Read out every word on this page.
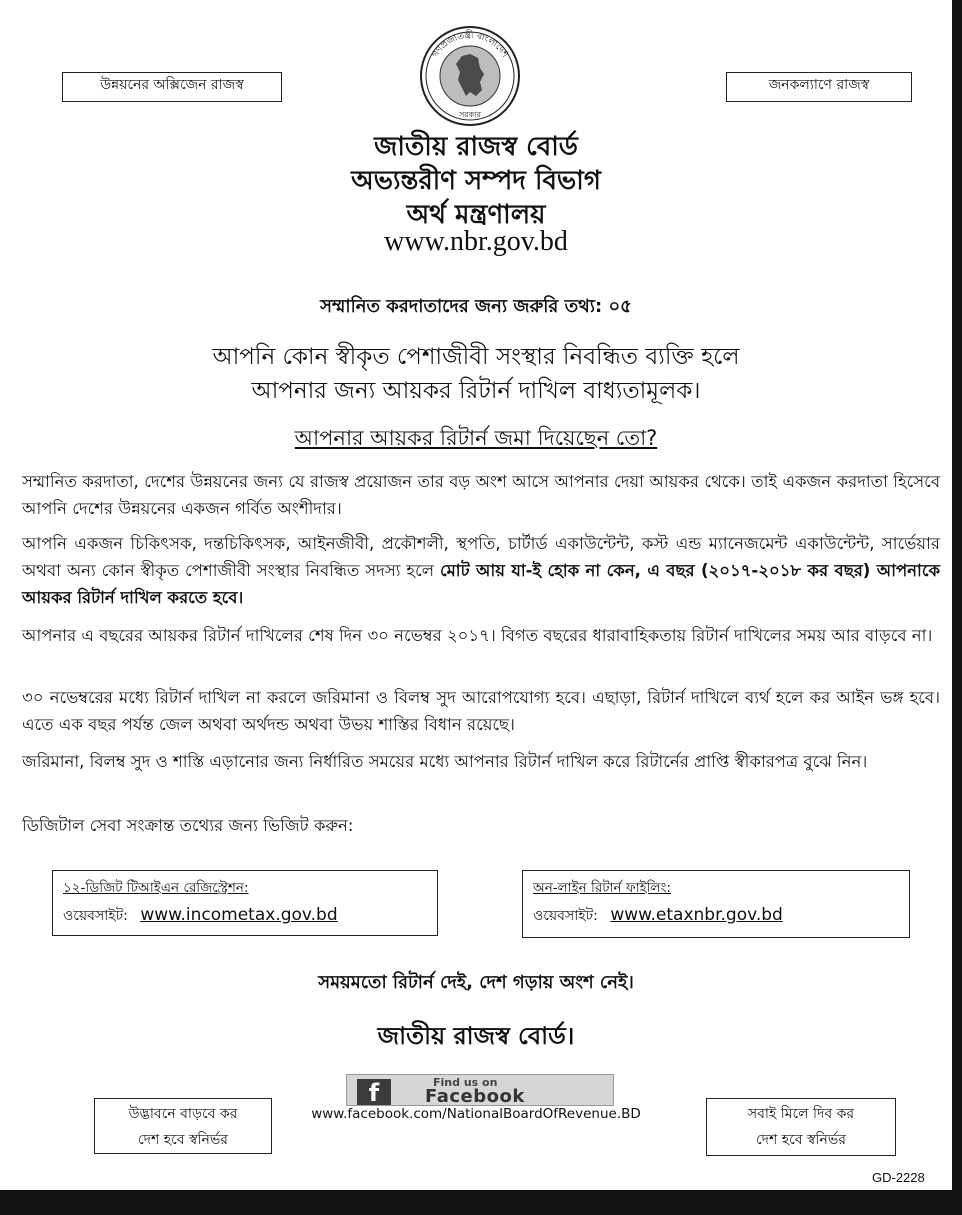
উন্নয়নের অক্সিজেন রাজস্ব	জনকল্যাণে রাজস্ব
গণপ্রজাতন্ত্রী বাংলাদেশ
সরকার
জাতীয় রাজস্ব বোর্ড
অভ্যন্তরীণ সম্পদ বিভাগ
অর্থ মন্ত্রণালয়
www.nbr.gov.bd
সম্মানিত করদাতাদের জন্য জরুরি তথ্য: ০৫
আপনি কোন স্বীকৃত পেশাজীবী সংস্থার নিবন্ধিত ব্যক্তি হলে
আপনার জন্য আয়কর রিটার্ন দাখিল বাধ্যতামূলক।
আপনার আয়কর রিটার্ন জমা দিয়েছেন তো?
সম্মানিত করদাতা, দেশের উন্নয়নের জন্য যে রাজস্ব প্রয়োজন তার বড় অংশ আসে আপনার দেয়া আয়কর থেকে। তাই একজন করদাতা হিসেবে আপনি দেশের উন্নয়নের একজন গর্বিত অংশীদার।
আপনি একজন চিকিৎসক, দন্তচিকিৎসক, আইনজীবী, প্রকৌশলী, স্থপতি, চার্টার্ড একাউন্টেন্ট, কস্ট এন্ড ম্যানেজমেন্ট একাউন্টেন্ট, সার্ভেয়ার অথবা অন্য কোন স্বীকৃত পেশাজীবী সংস্থার নিবন্ধিত সদস্য হলে মোট আয় যা-ই হোক না কেন, এ বছর (২০১৭-২০১৮ কর বছর) আপনাকে আয়কর রিটার্ন দাখিল করতে হবে।
আপনার এ বছরের আয়কর রিটার্ন দাখিলের শেষ দিন ৩০ নভেম্বর ২০১৭। বিগত বছরের ধারাবাহিকতায় রিটার্ন দাখিলের সময় আর বাড়বে না।
৩০ নভেম্বরের মধ্যে রিটার্ন দাখিল না করলে জরিমানা ও বিলম্ব সুদ আরোপযোগ্য হবে। এছাড়া, রিটার্ন দাখিলে ব্যর্থ হলে কর আইন ভঙ্গ হবে। এতে এক বছর পর্যন্ত জেল অথবা অর্থদন্ড অথবা উভয় শাস্তির বিধান রয়েছে।
জরিমানা, বিলম্ব সুদ ও শাস্তি এড়ানোর জন্য নির্ধারিত সময়ের মধ্যে আপনার রিটার্ন দাখিল করে রিটার্নের প্রাপ্তি স্বীকারপত্র বুঝে নিন।
ডিজিটাল সেবা সংক্রান্ত তথ্যের জন্য ভিজিট করুন:
১২-ডিজিট টিআইএন রেজিস্ট্রেশন:
ওয়েবসাইট: www.incometax.gov.bd
অন-লাইন রিটার্ন ফাইলিং:
ওয়েবসাইট: www.etaxnbr.gov.bd
সময়মতো রিটার্ন দেই, দেশ গড়ায় অংশ নেই।
জাতীয় রাজস্ব বোর্ড।
f	Find us on
Facebook
www.facebook.com/NationalBoardOfRevenue.BD
উদ্ভাবনে বাড়বে কর
দেশ হবে স্বনির্ভর
সবাই মিলে দিব কর
দেশ হবে স্বনির্ভর
GD-2228
